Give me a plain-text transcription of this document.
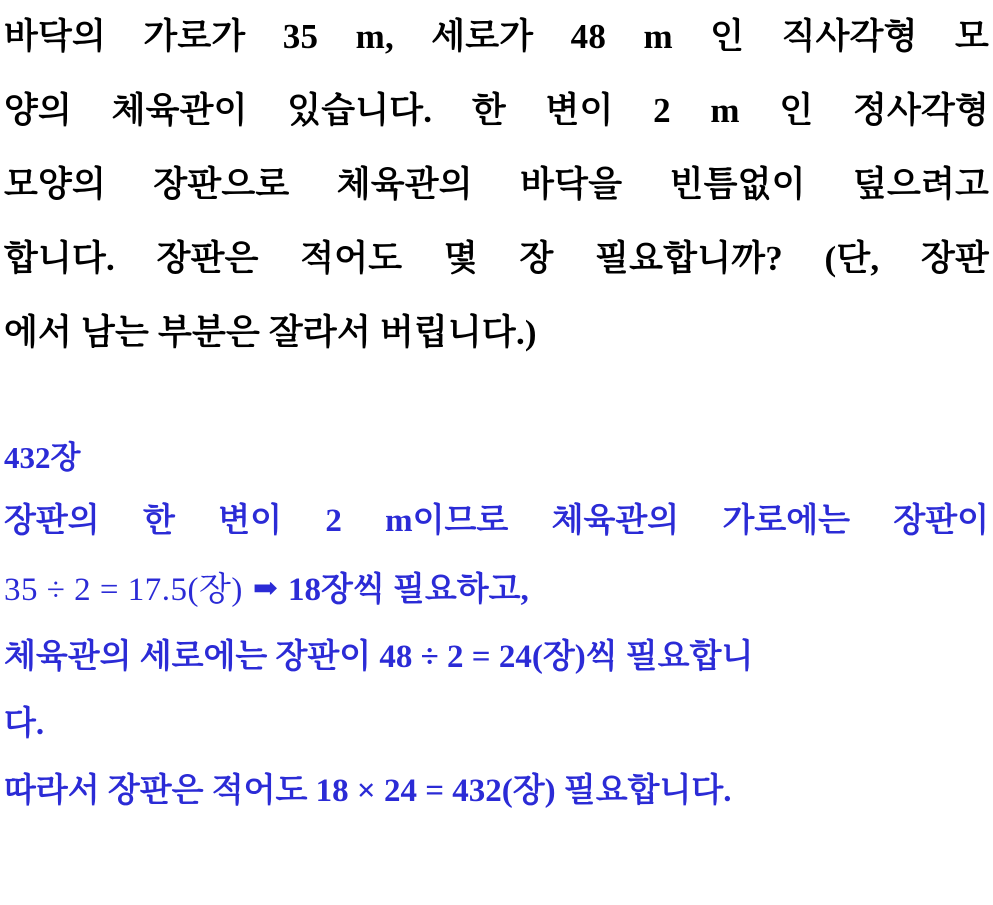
바닥의 가로가 35 m, 세로가 48 m 인 직사각형 모
양의 체육관이 있습니다. 한 변이 2 m 인 정사각형
모양의 장판으로 체육관의 바닥을 빈틈없이 덮으려고
합니다. 장판은 적어도 몇 장 필요합니까? (단, 장판
에서 남는 부분은 잘라서 버립니다.)
432장
장판의 한 변이 2 m이므로 체육관의 가로에는 장판이
35 ÷ 2 = 17.5(장) ➡ 18장씩 필요하고,
체육관의 세로에는 장판이 48 ÷ 2 = 24(장)씩 필요합니
다.
따라서 장판은 적어도 18 × 24 = 432(장) 필요합니다.
